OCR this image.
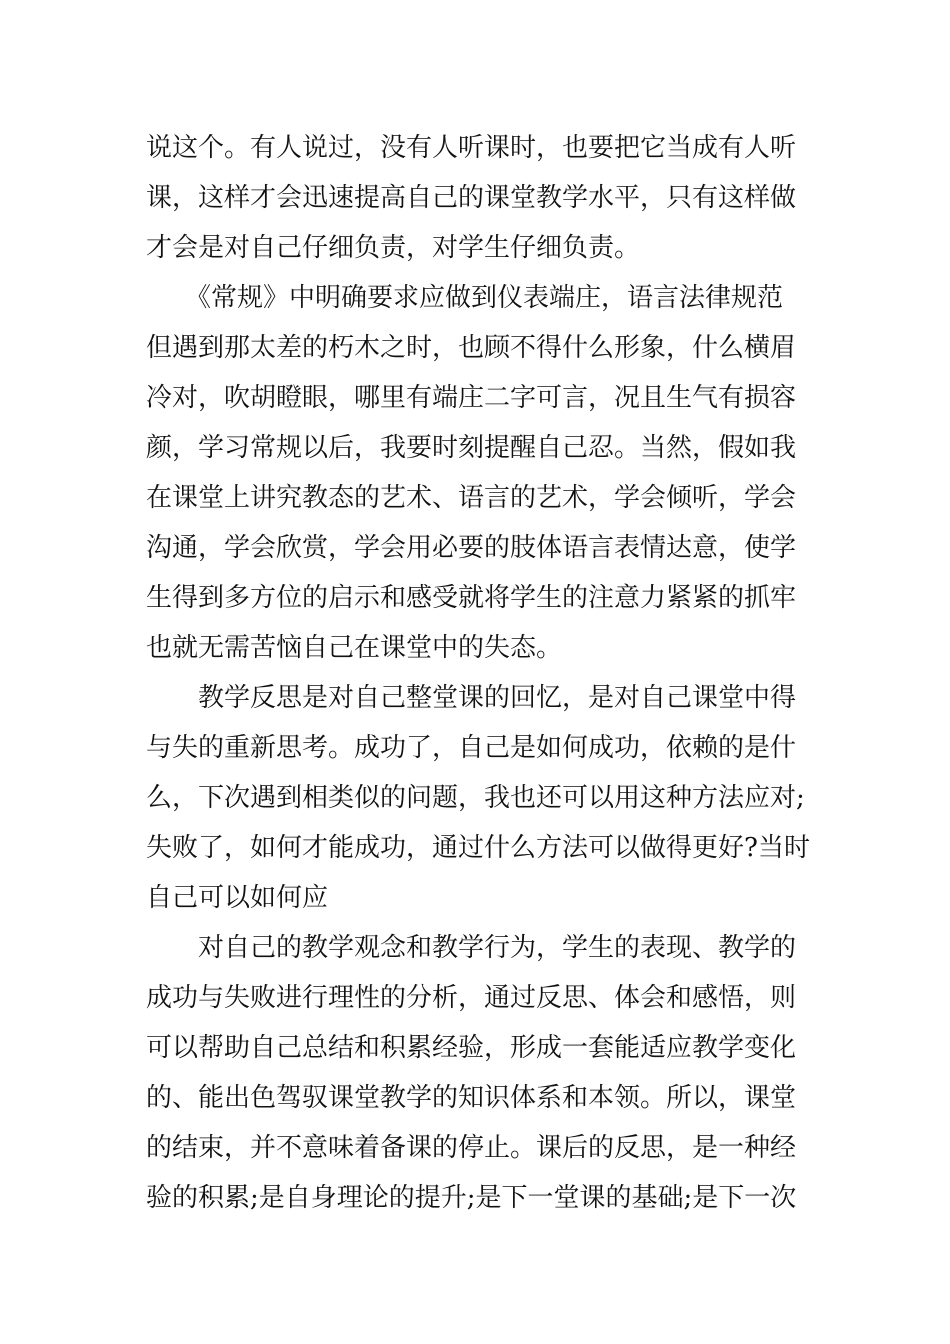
说这个。有人说过，没有人听课时，也要把它当成有人听
课，这样才会迅速提高自己的课堂教学水平，只有这样做
才会是对自己仔细负责，对学生仔细负责。
　　《常规》中明确要求应做到仪表端庄，语言法律规范
但遇到那太差的朽木之时，也顾不得什么形象，什么横眉
冷对，吹胡瞪眼，哪里有端庄二字可言，况且生气有损容
颜，学习常规以后，我要时刻提醒自己忍。当然，假如我
在课堂上讲究教态的艺术、语言的艺术，学会倾听，学会
沟通，学会欣赏，学会用必要的肢体语言表情达意，使学
生得到多方位的启示和感受就将学生的注意力紧紧的抓牢
也就无需苦恼自己在课堂中的失态。
　　教学反思是对自己整堂课的回忆，是对自己课堂中得
与失的重新思考。成功了，自己是如何成功，依赖的是什
么，下次遇到相类似的问题，我也还可以用这种方法应对;
失败了，如何才能成功，通过什么方法可以做得更好?当时
自己可以如何应
　　对自己的教学观念和教学行为，学生的表现、教学的
成功与失败进行理性的分析，通过反思、体会和感悟，则
可以帮助自己总结和积累经验，形成一套能适应教学变化
的、能出色驾驭课堂教学的知识体系和本领。所以，课堂
的结束，并不意味着备课的停止。课后的反思，是一种经
验的积累;是自身理论的提升;是下一堂课的基础;是下一次
